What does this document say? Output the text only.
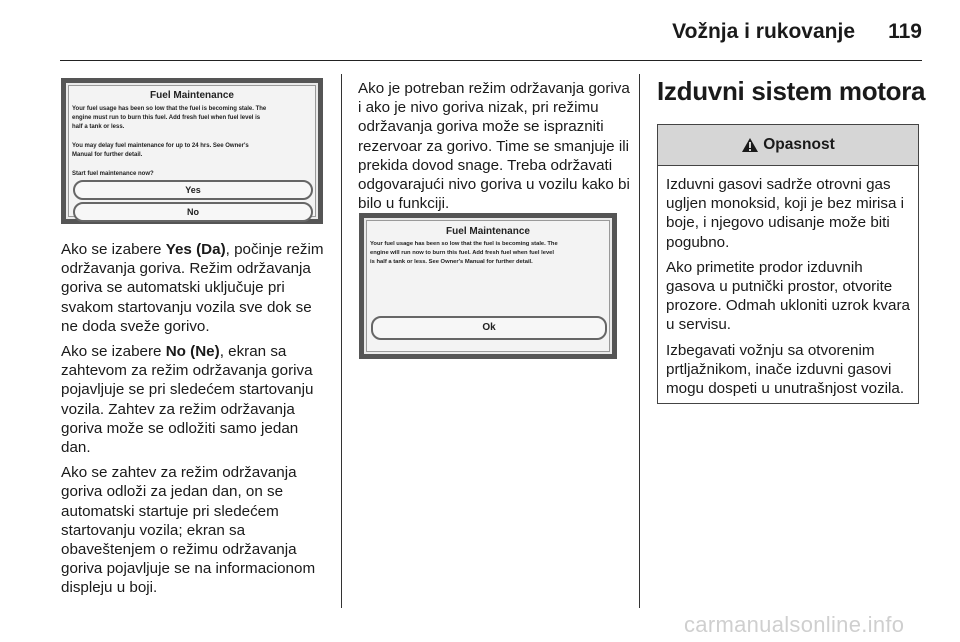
Vožnja i rukovanje	119
Fuel Maintenance
Your fuel usage has been so low that the fuel is becoming stale. The
engine must run to burn this fuel. Add fresh fuel when fuel level is
half a tank or less.
You may delay fuel maintenance for up to 24 hrs. See Owner's
Manual for further detail.
Start fuel maintenance now?
Yes
No

Ako se izabere Yes (Da), počinje režim održavanja goriva. Režim održavanja goriva se automatski uključuje pri svakom startovanju vozila sve dok se ne doda sveže gorivo.

Ako se izabere No (Ne), ekran sa zahtevom za režim održavanja goriva pojavljuje se pri sledećem startovanju vozila. Zahtev za režim održavanja goriva može se odložiti samo jedan dan.

Ako se zahtev za režim održavanja goriva odloži za jedan dan, on se automatski startuje pri sledećem startovanju vozila; ekran sa obaveštenjem o režimu održavanja goriva pojavljuje se na informacionom displeju u boji.

Ako je potreban režim održavanja goriva i ako je nivo goriva nizak, pri režimu održavanja goriva može se isprazniti rezervoar za gorivo. Time se smanjuje ili prekida dovod snage. Treba održavati odgovarajući nivo goriva u vozilu kako bi bilo u funkciji.

Fuel Maintenance
Your fuel usage has been so low that the fuel is becoming stale. The
engine will run now to burn this fuel. Add fresh fuel when fuel level
is half a tank or less. See Owner's Manual for further detail.
Ok
Izduvni sistem motora
Opasnost

Izduvni gasovi sadrže otrovni gas ugljen monoksid, koji je bez mirisa i boje, i njegovo udisanje može biti pogubno.

Ako primetite prodor izduvnih gasova u putnički prostor, otvorite prozore. Odmah ukloniti uzrok kvara u servisu.

Izbegavati vožnju sa otvorenim prtljažnikom, inače izduvni gasovi mogu dospeti u unutrašnjost vozila.

carmanualsonline.info
